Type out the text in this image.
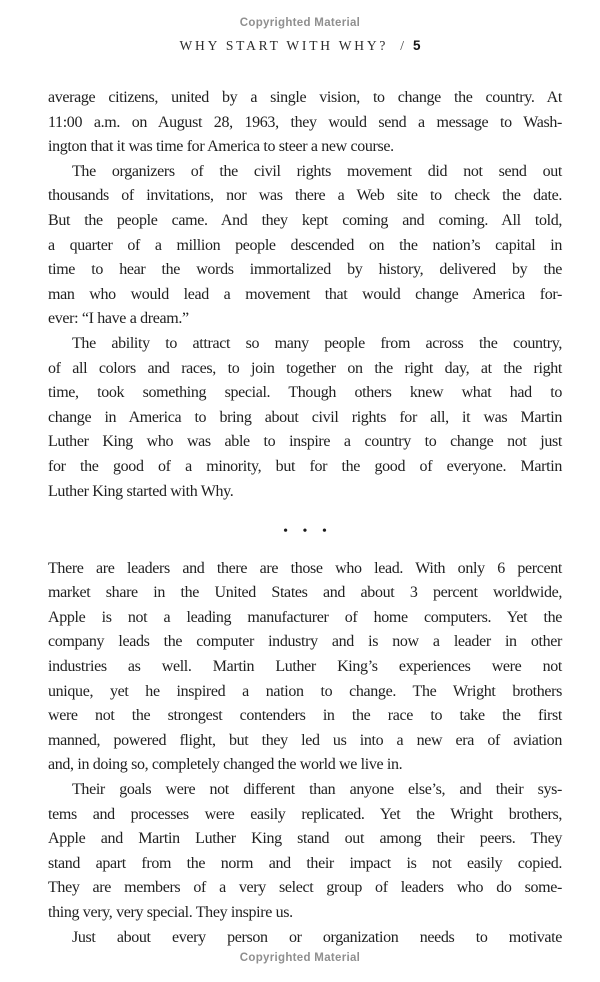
Copyrighted Material
WHY START WITH WHY? / 5
average citizens, united by a single vision, to change the country. At
11:00 a.m. on August 28, 1963, they would send a message to Wash-
ington that it was time for America to steer a new course.
The organizers of the civil rights movement did not send out
thousands of invitations, nor was there a Web site to check the date.
But the people came. And they kept coming and coming. All told,
a quarter of a million people descended on the nation’s capital in
time to hear the words immortalized by history, delivered by the
man who would lead a movement that would change America for-
ever: “I have a dream.”
The ability to attract so many people from across the country,
of all colors and races, to join together on the right day, at the right
time, took something special. Though others knew what had to
change in America to bring about civil rights for all, it was Martin
Luther King who was able to inspire a country to change not just
for the good of a minority, but for the good of everyone. Martin
Luther King started with Why.
• • •
There are leaders and there are those who lead. With only 6 percent
market share in the United States and about 3 percent worldwide,
Apple is not a leading manufacturer of home computers. Yet the
company leads the computer industry and is now a leader in other
industries as well. Martin Luther King’s experiences were not
unique, yet he inspired a nation to change. The Wright brothers
were not the strongest contenders in the race to take the first
manned, powered flight, but they led us into a new era of aviation
and, in doing so, completely changed the world we live in.
Their goals were not different than anyone else’s, and their sys-
tems and processes were easily replicated. Yet the Wright brothers,
Apple and Martin Luther King stand out among their peers. They
stand apart from the norm and their impact is not easily copied.
They are members of a very select group of leaders who do some-
thing very, very special. They inspire us.
Just about every person or organization needs to motivate
Copyrighted Material
